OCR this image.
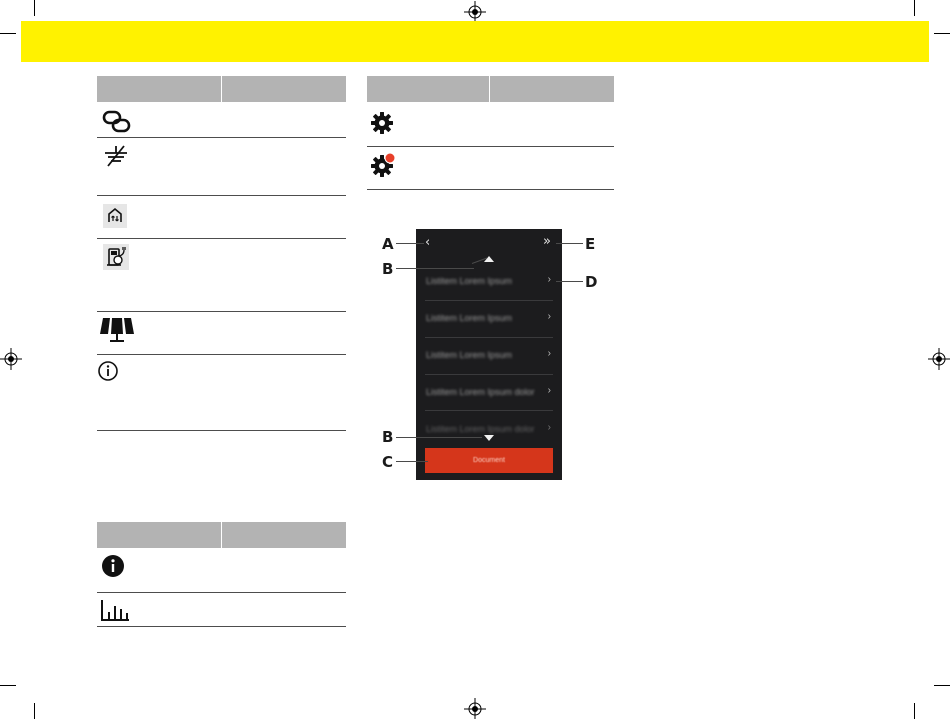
‹	»
Listitem Lorem Ipsum	›
Listitem Lorem Ipsum	›
Listitem Lorem Ipsum	›
Listitem Lorem Ipsum dolor ›
Listitem Lorem Ipsum dolor ›
Document
A
B
E
D
B
C
